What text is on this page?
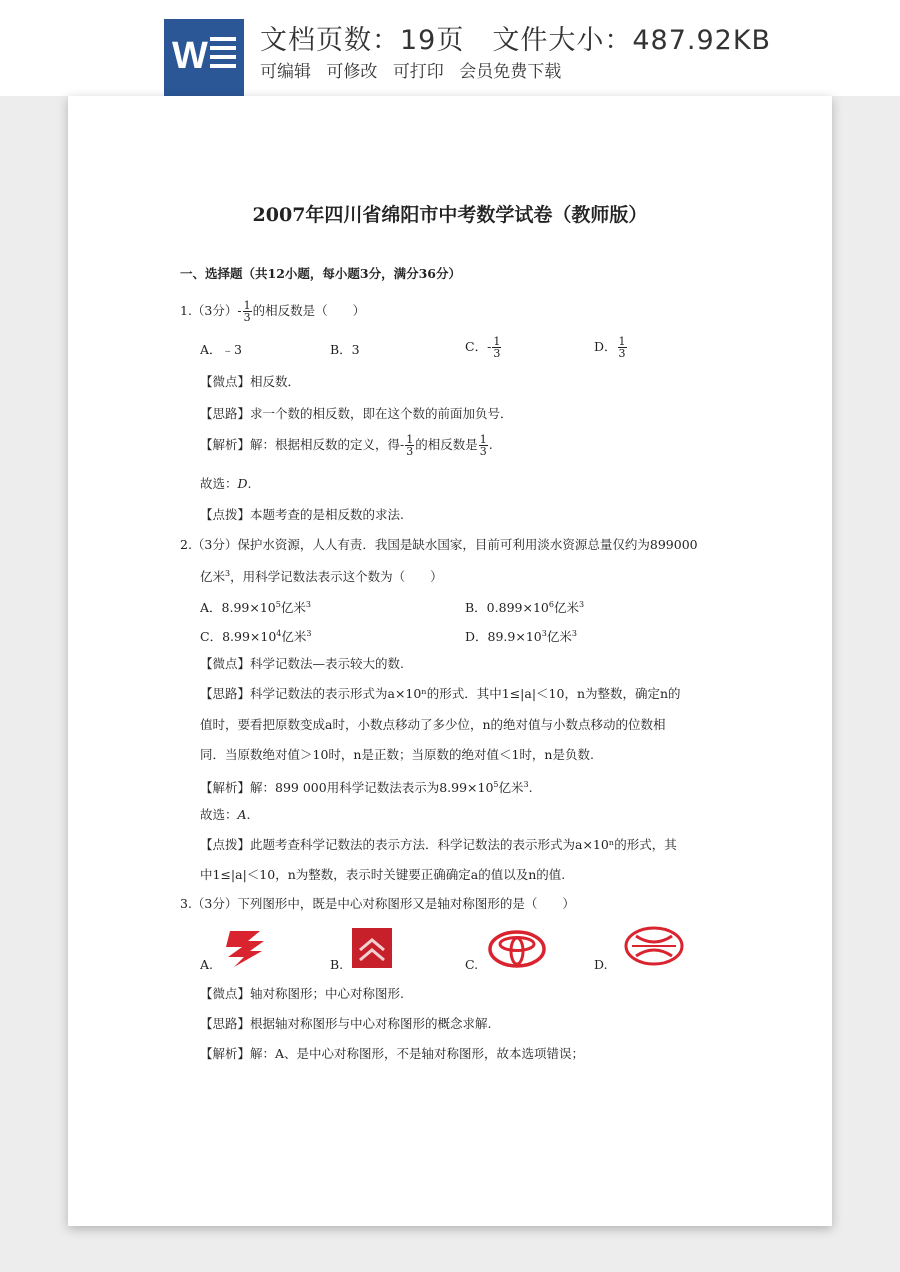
W 文档页数：19页 文件大小：487.92KB
可编辑 可修改 可打印 会员免费下载
2007年四川省绵阳市中考数学试卷（教师版）
一、选择题（共12小题，每小题3分，满分36分）
1.（3分）- $\frac{1}{3}$ 的相反数是（　　）
A．﹣3	B．3	C．- $\frac{1}{3}$	D． $\frac{1}{3}$
【微点】相反数．
【思路】求一个数的相反数，即在这个数的前面加负号．
【解析】解：根据相反数的定义，得- $\frac{1}{3}$ 的相反数是 $\frac{1}{3}$ .
故选：D.
【点拨】本题考查的是相反数的求法.
2.（3分）保护水资源，人人有责．我国是缺水国家，目前可利用淡水资源总量仅约为899000
亿米$^3$，用科学记数法表示这个数为（　　）
A．$8.99\times 10^5$亿米$^3$	B．$0.899\times 10^6$亿米$^3$
C．$8.99\times 10^4$亿米$^3$	D．$89.9\times 10^3$亿米$^3$
【微点】科学记数法—表示较大的数.
【思路】科学记数法的表示形式为a×10ⁿ的形式．其中1≤|a|＜10，n为整数，确定n的
值时，要看把原数变成a时，小数点移动了多少位，n的绝对值与小数点移动的位数相
同．当原数绝对值＞10时，n是正数；当原数的绝对值＜1时，n是负数.
【解析】解：899 000用科学记数法表示为$8.99\times 10^5$亿米$^3$.
故选：A.
【点拨】此题考查科学记数法的表示方法．科学记数法的表示形式为a×10ⁿ的形式，其
中1≤|a|＜10，n为整数，表示时关键要正确确定a的值以及n的值.
3.（3分）下列图形中，既是中心对称图形又是轴对称图形的是（　　）
A.	B.	C.	D.
【微点】轴对称图形；中心对称图形.
【思路】根据轴对称图形与中心对称图形的概念求解.
【解析】解：A、是中心对称图形，不是轴对称图形，故本选项错误；
